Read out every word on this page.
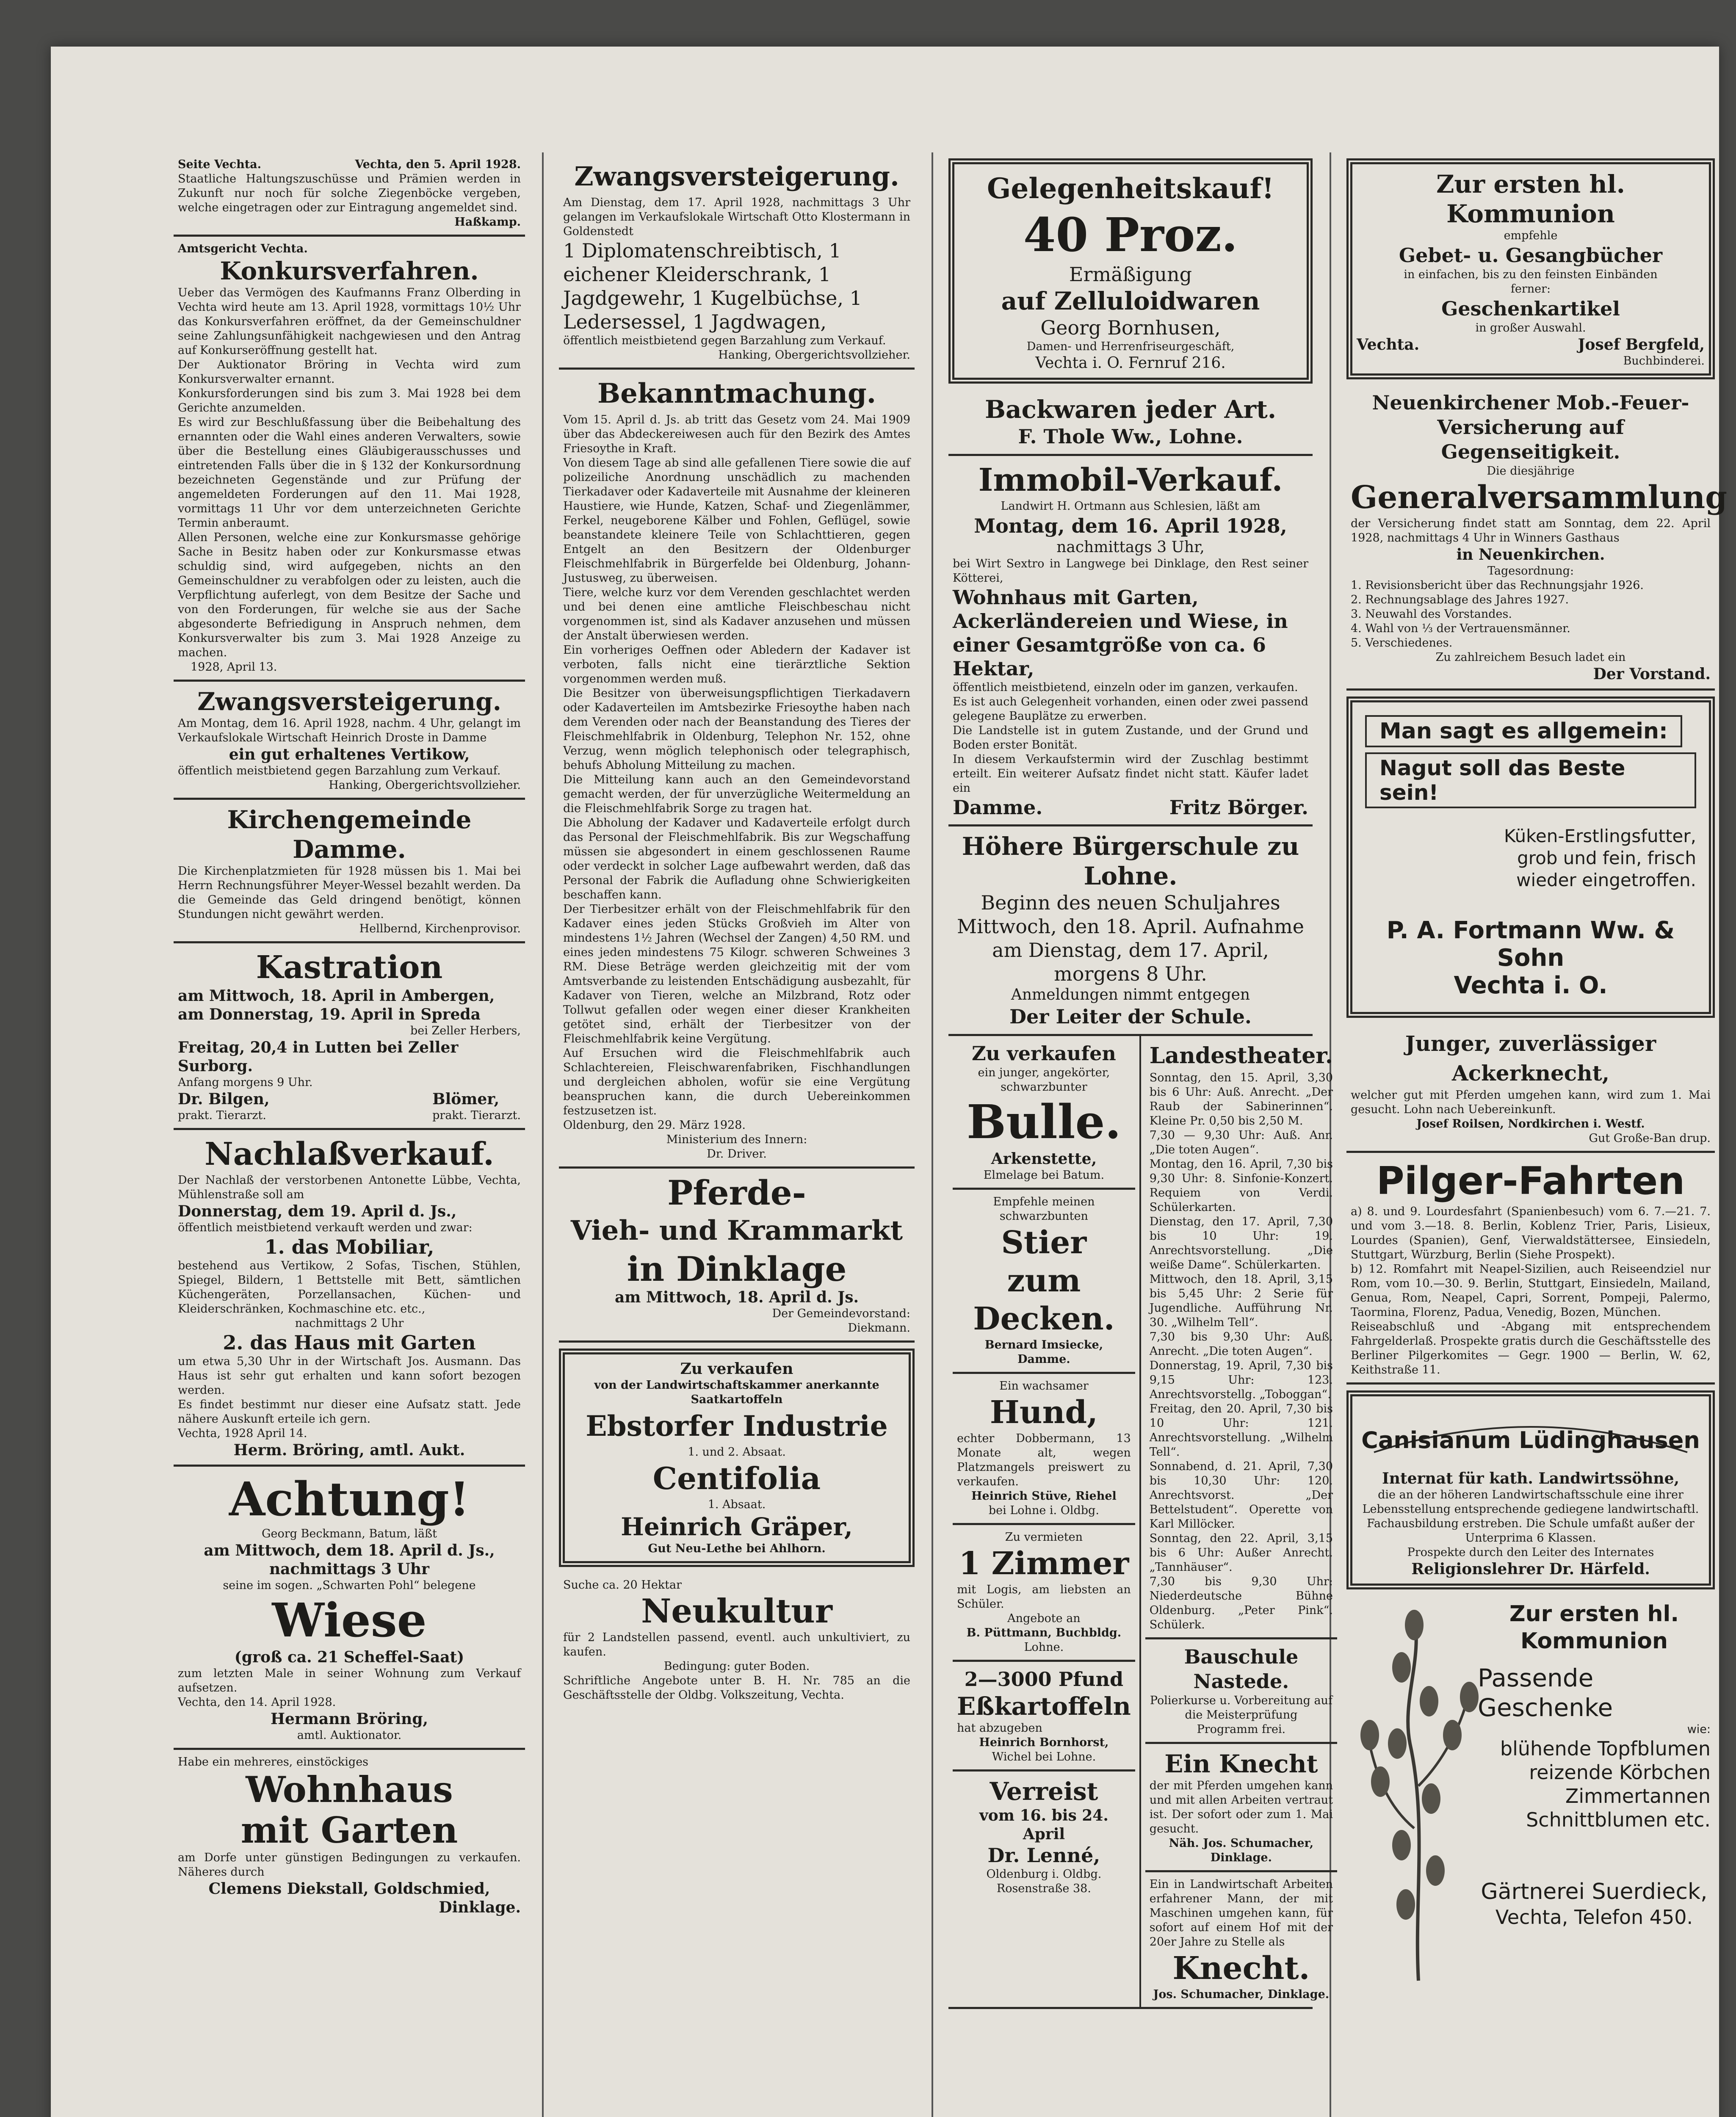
Seite Vechta.	Vechta, den 5. April 1928.
Staatliche Haltungszuschüsse und Prämien werden in Zukunft nur noch für solche Ziegenböcke vergeben, welche eingetragen oder zur Eintragung angemeldet sind.
Haßkamp.
Amtsgericht Vechta.
Konkursverfahren.
Ueber das Vermögen des Kaufmanns Franz Olberding in Vechta wird heute am 13. April 1928, vormittags 10½ Uhr das Konkursverfahren eröffnet, da der Gemeinschuldner seine Zahlungsunfähigkeit nachgewiesen und den Antrag auf Konkurseröffnung gestellt hat.
Der Auktionator Bröring in Vechta wird zum Konkursverwalter ernannt.
Konkursforderungen sind bis zum 3. Mai 1928 bei dem Gerichte anzumelden.
Es wird zur Beschlußfassung über die Beibehaltung des ernannten oder die Wahl eines anderen Verwalters, sowie über die Bestellung eines Gläubigerausschusses und eintretenden Falls über die in § 132 der Konkursordnung bezeichneten Gegenstände und zur Prüfung der angemeldeten Forderungen auf den 11. Mai 1928, vormittags 11 Uhr vor dem unterzeichneten Gerichte Termin anberaumt.
Allen Personen, welche eine zur Konkursmasse gehörige Sache in Besitz haben oder zur Konkursmasse etwas schuldig sind, wird aufgegeben, nichts an den Gemeinschuldner zu verabfolgen oder zu leisten, auch die Verpflichtung auferlegt, von dem Besitze der Sache und von den Forderungen, für welche sie aus der Sache abgesonderte Befriedigung in Anspruch nehmen, dem Konkursverwalter bis zum 3. Mai 1928 Anzeige zu machen.
1928, April 13.
Zwangsversteigerung.
Am Montag, dem 16. April 1928, nachm. 4 Uhr, gelangt im Verkaufslokale Wirtschaft Heinrich Droste in Damme
ein gut erhaltenes Vertikow,
öffentlich meistbietend gegen Barzahlung zum Verkauf.
Hanking, Obergerichtsvollzieher.
Kirchengemeinde Damme.
Die Kirchenplatzmieten für 1928 müssen bis 1. Mai bei Herrn Rechnungsführer Meyer-Wessel bezahlt werden. Da die Gemeinde das Geld dringend benötigt, können Stundungen nicht gewährt werden.
Hellbernd, Kirchenprovisor.
Kastration
am Mittwoch, 18. April in Ambergen,
am Donnerstag, 19. April in Spreda
bei Zeller Herbers,
Freitag, 20,4 in Lutten bei Zeller Surborg.
Anfang morgens 9 Uhr.
Dr. Bilgen,
prakt. Tierarzt.
Blömer,
prakt. Tierarzt.
Nachlaßverkauf.
Der Nachlaß der verstorbenen Antonette Lübbe, Vechta, Mühlenstraße soll am
Donnerstag, dem 19. April d. Js.,
öffentlich meistbietend verkauft werden und zwar:
1. das Mobiliar,
bestehend aus Vertikow, 2 Sofas, Tischen, Stühlen, Spiegel, Bildern, 1 Bettstelle mit Bett, sämtlichen Küchengeräten, Porzellansachen, Küchen- und Kleiderschränken, Kochmaschine etc. etc.,
nachmittags 2 Uhr
2. das Haus mit Garten
um etwa 5,30 Uhr in der Wirtschaft Jos. Ausmann. Das Haus ist sehr gut erhalten und kann sofort bezogen werden.
Es findet bestimmt nur dieser eine Aufsatz statt. Jede nähere Auskunft erteile ich gern.
Vechta, 1928 April 14.
Herm. Bröring, amtl. Aukt.
Achtung!
Georg Beckmann, Batum, läßt
am Mittwoch, dem 18. April d. Js., nachmittags 3 Uhr
seine im sogen. „Schwarten Pohl“ belegene
Wiese
(groß ca. 21 Scheffel-Saat)
zum letzten Male in seiner Wohnung zum Verkauf aufsetzen.
Vechta, den 14. April 1928.
Hermann Bröring,
amtl. Auktionator.
Habe ein mehreres, einstöckiges
Wohnhaus
mit Garten
am Dorfe unter günstigen Bedingungen zu verkaufen. Näheres durch
Clemens Diekstall, Goldschmied,
Dinklage.
Zwangsversteigerung.
Am Dienstag, dem 17. April 1928, nachmittags 3 Uhr gelangen im Verkaufslokale Wirtschaft Otto Klostermann in Goldenstedt
1 Diplomatenschreibtisch, 1 eichener Kleiderschrank, 1 Jagdgewehr, 1 Kugelbüchse, 1 Ledersessel, 1 Jagdwagen,
öffentlich meistbietend gegen Barzahlung zum Verkauf.
Hanking, Obergerichtsvollzieher.
Bekanntmachung.
Vom 15. April d. Js. ab tritt das Gesetz vom 24. Mai 1909 über das Abdeckereiwesen auch für den Bezirk des Amtes Friesoythe in Kraft.
Von diesem Tage ab sind alle gefallenen Tiere sowie die auf polizeiliche Anordnung unschädlich zu machenden Tierkadaver oder Kadaverteile mit Ausnahme der kleineren Haustiere, wie Hunde, Katzen, Schaf- und Ziegenlämmer, Ferkel, neugeborene Kälber und Fohlen, Geflügel, sowie beanstandete kleinere Teile von Schlachttieren, gegen Entgelt an den Besitzern der Oldenburger Fleischmehlfabrik in Bürgerfelde bei Oldenburg, Johann-Justusweg, zu überweisen.
Tiere, welche kurz vor dem Verenden geschlachtet werden und bei denen eine amtliche Fleischbeschau nicht vorgenommen ist, sind als Kadaver anzusehen und müssen der Anstalt überwiesen werden.
Ein vorheriges Oeffnen oder Abledern der Kadaver ist verboten, falls nicht eine tierärztliche Sektion vorgenommen werden muß.
Die Besitzer von überweisungspflichtigen Tierkadavern oder Kadaverteilen im Amtsbezirke Friesoythe haben nach dem Verenden oder nach der Beanstandung des Tieres der Fleischmehlfabrik in Oldenburg, Telephon Nr. 152, ohne Verzug, wenn möglich telephonisch oder telegraphisch, behufs Abholung Mitteilung zu machen.
Die Mitteilung kann auch an den Gemeindevorstand gemacht werden, der für unverzügliche Weitermeldung an die Fleischmehlfabrik Sorge zu tragen hat.
Die Abholung der Kadaver und Kadaverteile erfolgt durch das Personal der Fleischmehlfabrik. Bis zur Wegschaffung müssen sie abgesondert in einem geschlossenen Raume oder verdeckt in solcher Lage aufbewahrt werden, daß das Personal der Fabrik die Aufladung ohne Schwierigkeiten beschaffen kann.
Der Tierbesitzer erhält von der Fleischmehlfabrik für den Kadaver eines jeden Stücks Großvieh im Alter von mindestens 1½ Jahren (Wechsel der Zangen) 4,50 RM. und eines jeden mindestens 75 Kilogr. schweren Schweines 3 RM. Diese Beträge werden gleichzeitig mit der vom Amtsverbande zu leistenden Entschädigung ausbezahlt, für Kadaver von Tieren, welche an Milzbrand, Rotz oder Tollwut gefallen oder wegen einer dieser Krankheiten getötet sind, erhält der Tierbesitzer von der Fleischmehlfabrik keine Vergütung.
Auf Ersuchen wird die Fleischmehlfabrik auch Schlachtereien, Fleischwarenfabriken, Fischhandlungen und dergleichen abholen, wofür sie eine Vergütung beanspruchen kann, die durch Uebereinkommen festzusetzen ist.
Oldenburg, den 29. März 1928.
Ministerium des Innern:
Dr. Driver.
Pferde-
Vieh- und Krammarkt
in Dinklage
am Mittwoch, 18. April d. Js.
Der Gemeindevorstand:
Diekmann.
Zu verkaufen
von der Landwirtschaftskammer anerkannte Saatkartoffeln
Ebstorfer Industrie
1. und 2. Absaat.
Centifolia
1. Absaat.
Heinrich Gräper,
Gut Neu-Lethe bei Ahlhorn.
Suche ca. 20 Hektar
Neukultur
für 2 Landstellen passend, eventl. auch unkultiviert, zu kaufen.
Bedingung: guter Boden.
Schriftliche Angebote unter B. H. Nr. 785 an die Geschäftsstelle der Oldbg. Volkszeitung, Vechta.
Gelegenheitskauf!
40 Proz.
Ermäßigung
auf Zelluloidwaren
Georg Bornhusen,
Damen- und Herrenfriseurgeschäft,
Vechta i. O. Fernruf 216.
Backwaren jeder Art.
F. Thole Ww., Lohne.
Immobil-Verkauf.
Landwirt H. Ortmann aus Schlesien, läßt am
Montag, dem 16. April 1928,
nachmittags 3 Uhr,
bei Wirt Sextro in Langwege bei Dinklage, den Rest seiner Kötterei,
Wohnhaus mit Garten, Ackerländereien und Wiese, in einer Gesamtgröße von ca. 6 Hektar,
öffentlich meistbietend, einzeln oder im ganzen, verkaufen.
Es ist auch Gelegenheit vorhanden, einen oder zwei passend gelegene Bauplätze zu erwerben.
Die Landstelle ist in gutem Zustande, und der Grund und Boden erster Bonität.
In diesem Verkaufstermin wird der Zuschlag bestimmt erteilt. Ein weiterer Aufsatz findet nicht statt. Käufer ladet ein
Damme.	Fritz Börger.
Höhere Bürgerschule zu Lohne.
Beginn des neuen Schuljahres Mittwoch, den 18. April. Aufnahme am Dienstag, dem 17. April, morgens 8 Uhr.
Anmeldungen nimmt entgegen
Der Leiter der Schule.
Zu verkaufen
ein junger, angekörter, schwarzbunter
Bulle.
Arkenstette,
Elmelage bei Batum.
Empfehle meinen schwarzbunten
Stier
zum Decken.
Bernard Imsiecke, Damme.
Ein wachsamer
Hund,
echter Dobbermann, 13 Monate alt, wegen Platzmangels preiswert zu verkaufen.
Heinrich Stüve, Riehel
bei Lohne i. Oldbg.
Zu vermieten
1 Zimmer
mit Logis, am liebsten an Schüler.
Angebote an
B. Püttmann, Buchbldg.
Lohne.
2—3000 Pfund
Eßkartoffeln
hat abzugeben
Heinrich Bornhorst,
Wichel bei Lohne.
Verreist
vom 16. bis 24. April
Dr. Lenné,
Oldenburg i. Oldbg.
Rosenstraße 38.
Landestheater.
Sonntag, den 15. April, 3,30 bis 6 Uhr: Auß. Anrecht. „Der Raub der Sabinerinnen“. Kleine Pr. 0,50 bis 2,50 M.
7,30 — 9,30 Uhr: Auß. Anr. „Die toten Augen“.
Montag, den 16. April, 7,30 bis 9,30 Uhr: 8. Sinfonie-Konzert. Requiem von Verdi. Schülerkarten.
Dienstag, den 17. April, 7,30 bis 10 Uhr: 19. Anrechtsvorstellung. „Die weiße Dame“. Schülerkarten.
Mittwoch, den 18. April, 3,15 bis 5,45 Uhr: 2 Serie für Jugendliche. Aufführung Nr. 30. „Wilhelm Tell“.
7,30 bis 9,30 Uhr: Auß. Anrecht. „Die toten Augen“.
Donnerstag, 19. April, 7,30 bis 9,15 Uhr: 123. Anrechtsvorstellg. „Toboggan“.
Freitag, den 20. April, 7,30 bis 10 Uhr: 121. Anrechtsvorstellung. „Wilhelm Tell“.
Sonnabend, d. 21. April, 7,30 bis 10,30 Uhr: 120. Anrechtsvorst. „Der Bettelstudent“. Operette von Karl Millöcker.
Sonntag, den 22. April, 3,15 bis 6 Uhr: Außer Anrecht. „Tannhäuser“.
7,30 bis 9,30 Uhr: Niederdeutsche Bühne Oldenburg. „Peter Pink“. Schülerk.
Bauschule Nastede.
Polierkurse u. Vorbereitung auf die Meisterprüfung
Programm frei.
Ein Knecht
der mit Pferden umgehen kann und mit allen Arbeiten vertraut ist. Der sofort oder zum 1. Mai gesucht.
Näh. Jos. Schumacher, Dinklage.
Ein in Landwirtschaft Arbeiten erfahrener Mann, der mit Maschinen umgehen kann, für sofort auf einem Hof mit der 20er Jahre zu Stelle als
Knecht.
Jos. Schumacher, Dinklage.
Zur ersten hl. Kommunion
empfehle
Gebet- u. Gesangbücher
in einfachen, bis zu den feinsten Einbänden
ferner:
Geschenkartikel
in großer Auswahl.
Vechta.	Josef Bergfeld,
Buchbinderei.
Neuenkirchener Mob.-Feuer-Versicherung auf Gegenseitigkeit.
Die diesjährige
Generalversammlung
der Versicherung findet statt am Sonntag, dem 22. April 1928, nachmittags 4 Uhr in Winners Gasthaus
in Neuenkirchen.
Tagesordnung:
1. Revisionsbericht über das Rechnungsjahr 1926.
2. Rechnungsablage des Jahres 1927.
3. Neuwahl des Vorstandes.
4. Wahl von ⅓ der Vertrauensmänner.
5. Verschiedenes.
Zu zahlreichem Besuch ladet ein
Der Vorstand.
Man sagt es allgemein:
Nagut soll das Beste sein!
Küken-Erstlingsfutter,
grob und fein, frisch
wieder eingetroffen.
P. A. Fortmann Ww. & Sohn
Vechta i. O.
Junger, zuverlässiger Ackerknecht,
welcher gut mit Pferden umgehen kann, wird zum 1. Mai gesucht. Lohn nach Uebereinkunft.
Josef Roilsen, Nordkirchen i. Westf.
Gut Große-Ban drup.
Pilger-Fahrten
a) 8. und 9. Lourdesfahrt (Spanienbesuch) vom 6. 7.—21. 7. und vom 3.—18. 8. Berlin, Koblenz Trier, Paris, Lisieux, Lourdes (Spanien), Genf, Vierwaldstättersee, Einsiedeln, Stuttgart, Würzburg, Berlin (Siehe Prospekt).
b) 12. Romfahrt mit Neapel-Sizilien, auch Reiseendziel nur Rom, vom 10.—30. 9. Berlin, Stuttgart, Einsiedeln, Mailand, Genua, Rom, Neapel, Capri, Sorrent, Pompeji, Palermo, Taormina, Florenz, Padua, Venedig, Bozen, München.
Reiseabschluß und -Abgang mit entsprechendem Fahrgelderlaß. Prospekte gratis durch die Geschäftsstelle des Berliner Pilgerkomites — Gegr. 1900 — Berlin, W. 62, Keithstraße 11.
Canisianum Lüdinghausen
Internat für kath. Landwirtssöhne,
die an der höheren Landwirtschaftsschule eine ihrer Lebensstellung entsprechende gediegene landwirtschaftl. Fachausbildung erstreben. Die Schule umfaßt außer der Unterprima 6 Klassen.
Prospekte durch den Leiter des Internates
Religionslehrer Dr. Härfeld.
Zur ersten hl. Kommunion
Passende
Geschenke
wie:
blühende Topfblumen
reizende Körbchen
Zimmertannen
Schnittblumen etc.
Gärtnerei Suerdieck,
Vechta, Telefon 450.
